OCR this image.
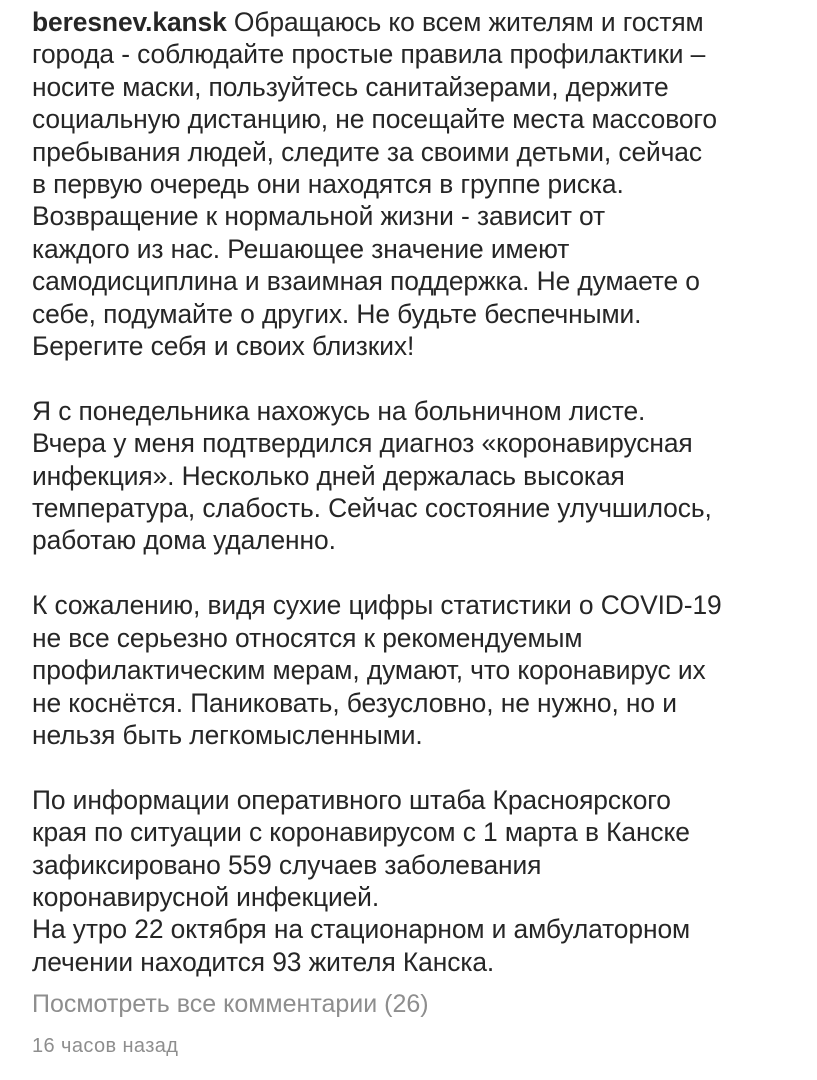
beresnev.kansk Обращаюсь ко всем жителям и гостям
города - соблюдайте простые правила профилактики –
носите маски, пользуйтесь санитайзерами, держите
социальную дистанцию, не посещайте места массового
пребывания людей, следите за своими детьми, сейчас
в первую очередь они находятся в группе риска.
Возвращение к нормальной жизни - зависит от
каждого из нас. Решающее значение имеют
самодисциплина и взаимная поддержка. Не думаете о
себе, подумайте о других. Не будьте беспечными.
Берегите себя и своих близких!
Я с понедельника нахожусь на больничном листе.
Вчера у меня подтвердился диагноз «коронавирусная
инфекция». Несколько дней держалась высокая
температура, слабость. Сейчас состояние улучшилось,
работаю дома удаленно.
К сожалению, видя сухие цифры статистики о COVID-19
не все серьезно относятся к рекомендуемым
профилактическим мерам, думают, что коронавирус их
не коснётся. Паниковать, безусловно, не нужно, но и
нельзя быть легкомысленными.
По информации оперативного штаба Красноярского
края по ситуации с коронавирусом с 1 марта в Канске
зафиксировано 559 случаев заболевания
коронавирусной инфекцией.
На утро 22 октября на стационарном и амбулаторном
лечении находится 93 жителя Канска.
Посмотреть все комментарии (26)
16 часов назад
